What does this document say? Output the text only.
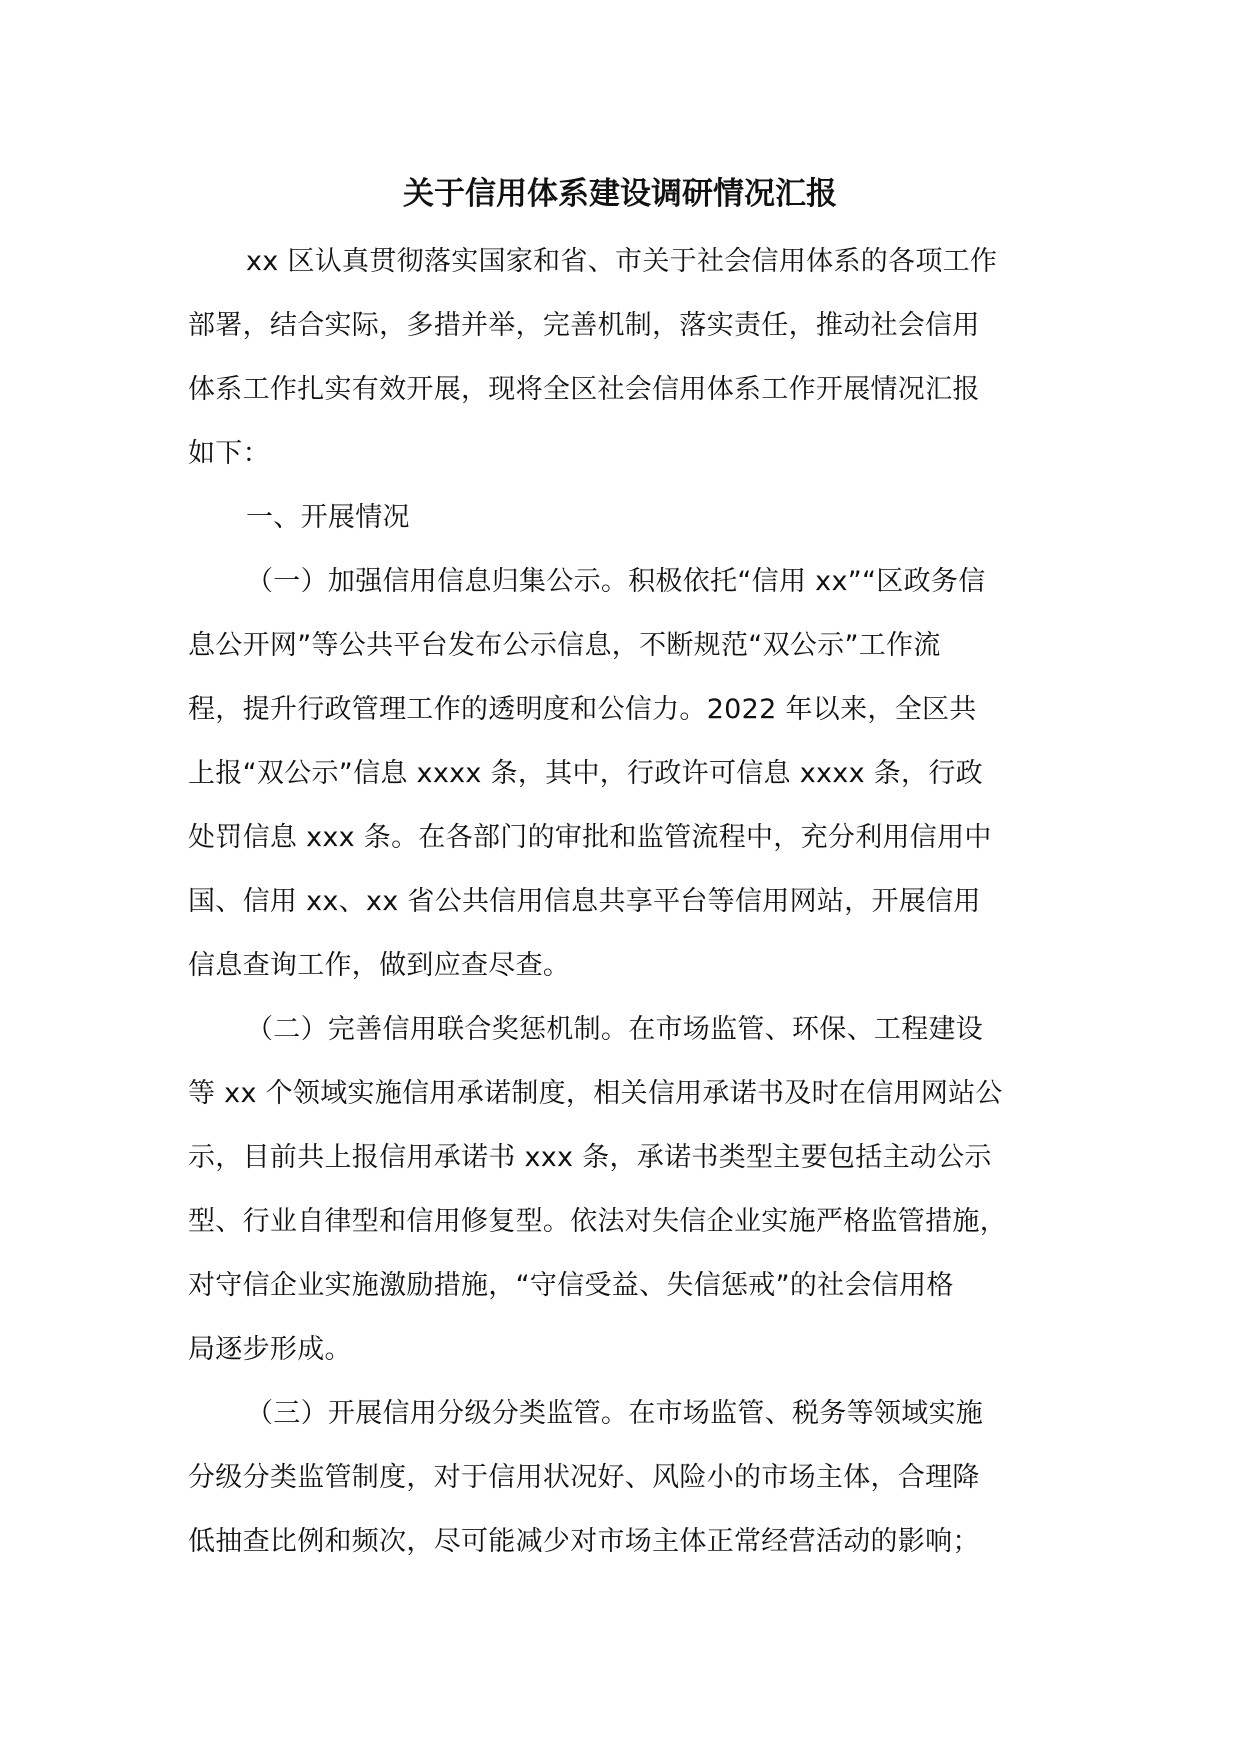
关于信用体系建设调研情况汇报
xx 区认真贯彻落实国家和省、市关于社会信用体系的各项工作
部署，结合实际，多措并举，完善机制，落实责任，推动社会信用
体系工作扎实有效开展，现将全区社会信用体系工作开展情况汇报
如下：
一、开展情况
（一）加强信用信息归集公示。积极依托“信用 xx”“区政务信
息公开网”等公共平台发布公示信息，不断规范“双公示”工作流
程，提升行政管理工作的透明度和公信力。2022 年以来，全区共
上报“双公示”信息 xxxx 条，其中，行政许可信息 xxxx 条，行政
处罚信息 xxx 条。在各部门的审批和监管流程中，充分利用信用中
国、信用 xx、xx 省公共信用信息共享平台等信用网站，开展信用
信息查询工作，做到应查尽查。
（二）完善信用联合奖惩机制。在市场监管、环保、工程建设
等 xx 个领域实施信用承诺制度，相关信用承诺书及时在信用网站公
示，目前共上报信用承诺书 xxx 条，承诺书类型主要包括主动公示
型、行业自律型和信用修复型。依法对失信企业实施严格监管措施，
对守信企业实施激励措施，“守信受益、失信惩戒”的社会信用格
局逐步形成。
（三）开展信用分级分类监管。在市场监管、税务等领域实施
分级分类监管制度，对于信用状况好、风险小的市场主体，合理降
低抽查比例和频次，尽可能减少对市场主体正常经营活动的影响；
